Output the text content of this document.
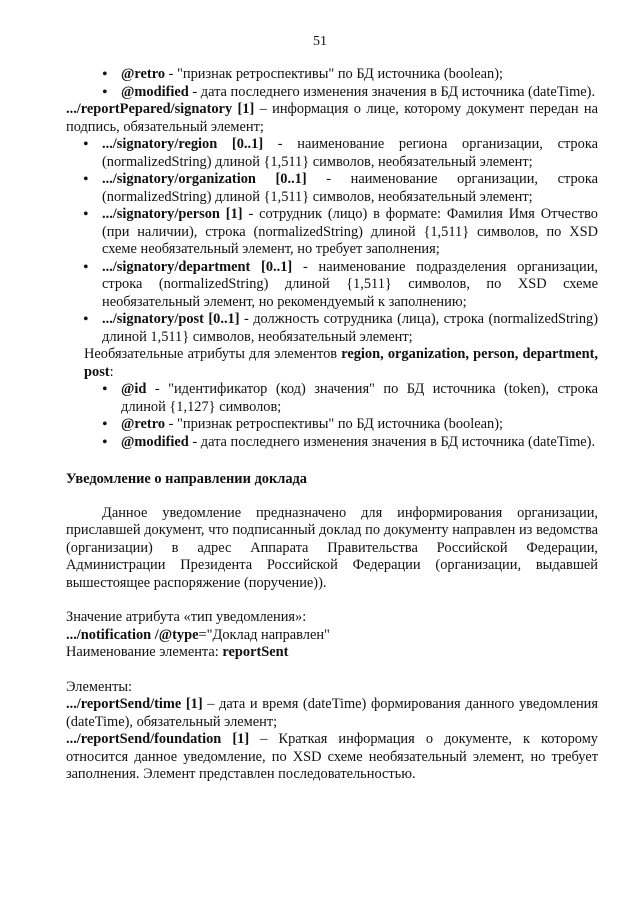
51
• @retro - "признак ретроспективы" по БД источника (boolean);
• @modified - дата последнего изменения значения в БД источника (dateTime).

.../reportPepared/signatory [1] – информация о лице, которому документ передан на подпись, обязательный элемент;

• .../signatory/region [0..1] - наименование региона организации, строка (normalizedString) длиной {1,511} символов, необязательный элемент;
• .../signatory/organization [0..1] - наименование организации, строка (normalizedString) длиной {1,511} символов, необязательный элемент;
• .../signatory/person [1] - сотрудник (лицо) в формате: Фамилия Имя Отчество (при наличии), строка (normalizedString) длиной {1,511} символов, по XSD схеме необязательный элемент, но требует заполнения;
• .../signatory/department [0..1] - наименование подразделения организации, строка (normalizedString) длиной {1,511} символов, по XSD схеме необязательный элемент, но рекомендуемый к заполнению;
• .../signatory/post [0..1] - должность сотрудника (лица), строка (normalizedString) длиной 1,511} символов, необязательный элемент;

Необязательные атрибуты для элементов region, organization, person, department, post:

• @id - "идентификатор (код) значения" по БД источника (token), строка длиной {1,127} символов;
• @retro - "признак ретроспективы" по БД источника (boolean);
• @modified - дата последнего изменения значения в БД источника (dateTime).

Уведомление о направлении доклада

Данное уведомление предназначено для информирования организации, приславшей документ, что подписанный доклад по документу направлен из ведомства (организации) в адрес Аппарата Правительства Российской Федерации, Администрации Президента Российской Федерации (организации, выдавшей вышестоящее распоряжение (поручение)).

Значение атрибута «тип уведомления»:

.../notification /@type="Доклад направлен"

Наименование элемента: reportSent

Элементы:

.../reportSend/time [1] – дата и время (dateTime) формирования данного уведомления (dateTime), обязательный элемент;

.../reportSend/foundation [1] – Краткая информация о документе, к которому относится данное уведомление, по XSD схеме необязательный элемент, но требует заполнения. Элемент представлен последовательностью.
